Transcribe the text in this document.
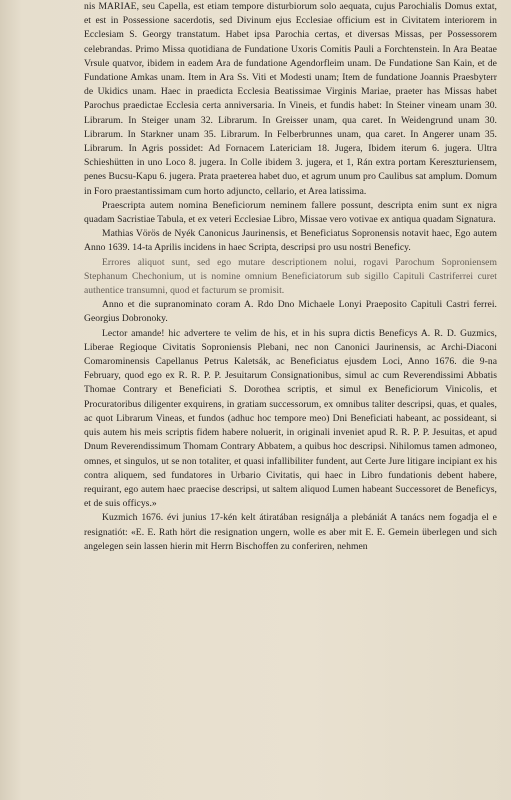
nis MARIAE, seu Capella, est etiam tempore disturbiorum solo aequata, cujus Parochialis Domus extat, et est in Possessione sacerdotis, sed Divinum ejus Ecclesiae officium est in Civitatem interiorem in Ecclesiam S. Georgy transtatum. Habet ipsa Parochia certas, et diversas Missas, per Possessorem celebrandas. Primo Missa quotidiana de Fundatione Uxoris Comitis Pauli a Forchtenstein. In Ara Beatae Vrsule quatvor, ibidem in eadem Ara de fundatione Agendorfleim unam. De Fundatione San Kain, et de Fundatione Amkas unam. Item in Ara Ss. Viti et Modesti unam; Item de fundatione Joannis Praesbyterr de Ukidics unam. Haec in praedicta Ecclesia Beatissimae Virginis Mariae, praeter has Missas habet Parochus praedictae Ecclesia certa anniversaria. In Vineis, et fundis habet: In Steiner vineam unam 30. Librarum. In Steiger unam 32. Librarum. In Greisser unam, qua caret. In Weidengrund unam 30. Librarum. In Starkner unam 35. Librarum. In Felberbrunnes unam, qua caret. In Angerer unam 35. Librarum. In Agris possidet: Ad Fornacem Latericiam 18. Jugera, Ibidem iterum 6. jugera. Ultra Schieshütten in uno Loco 8. jugera. In Colle ibidem 3. jugera, et 1, Rán extra portam Kereszturiensem, penes Bucsu-Kapu 6. jugera. Prata praeterea habet duo, et agrum unum pro Caulibus sat amplum. Domum in Foro praestantissimam cum horto adjuncto, cellario, et Area latissima.

Praescripta autem nomina Beneficiorum neminem fallere possunt, descripta enim sunt ex nigra quadam Sacristiae Tabula, et ex veteri Ecclesiae Libro, Missae vero votivae ex antiqua quadam Signatura.

Mathias Vörös de Nyék Canonicus Jaurinensis, et Beneficiatus Sopronensis notavit haec, Ego autem Anno 1639. 14-ta Aprilis incidens in haec Scripta, descripsi pro usu nostri Beneficy.

Errores aliquot sunt, sed ego mutare descriptionem nolui, rogavi Parochum Soproniensem Stephanum Chechonium, ut is nomine omnium Beneficiatorum sub sigillo Capituli Castriferrei curet authentice transumni, quod et facturum se promisit.

Anno et die supranominato coram A. Rdo Dno Michaele Lonyi Praeposito Capituli Castri ferrei. Georgius Dobronoky.

Lector amande! hic advertere te velim de his, et in his supra dictis Beneficys A. R. D. Guzmics, Liberae Regioque Civitatis Soproniensis Plebani, nec non Canonici Jaurinensis, ac Archi-Diaconi Comarominensis Capellanus Petrus Kaletsák, ac Beneficiatus ejusdem Loci, Anno 1676. die 9-na February, quod ego ex R. R. P. P. Jesuitarum Consignationibus, simul ac cum Reverendissimi Abbatis Thomae Contrary et Beneficiati S. Dorothea scriptis, et simul ex Beneficiorum Vinicolis, et Procuratoribus diligenter exquirens, in gratiam successorum, ex omnibus taliter descripsi, quas, et quales, ac quot Librarum Vineas, et fundos (adhuc hoc tempore meo) Dni Beneficiati habeant, ac possideant, si quis autem his meis scriptis fidem habere noluerit, in originali inveniet apud R. R. P. P. Jesuitas, et apud Dnum Reverendissimum Thomam Contrary Abbatem, a quibus hoc descripsi. Nihilomus tamen admoneo, omnes, et singulos, ut se non totaliter, et quasi infallibiliter fundent, aut Certe Jure litigare incipiant ex his contra aliquem, sed fundatores in Urbario Civitatis, qui haec in Libro fundationis debent habere, requirant, ego autem haec praecise descripsi, ut saltem aliquod Lumen habeant Successoret de Beneficys, et de suis officys.»

Kuzmich 1676. évi junius 17-kén kelt átiratában resignálja a plebániát A tanács nem fogadja el e resignatiót: «E. E. Rath hört die resignation ungern, wolle es aber mit E. E. Gemein überlegen und sich angelegen sein lassen hierin mit Herrn Bischoffen zu conferiren, nehmen
